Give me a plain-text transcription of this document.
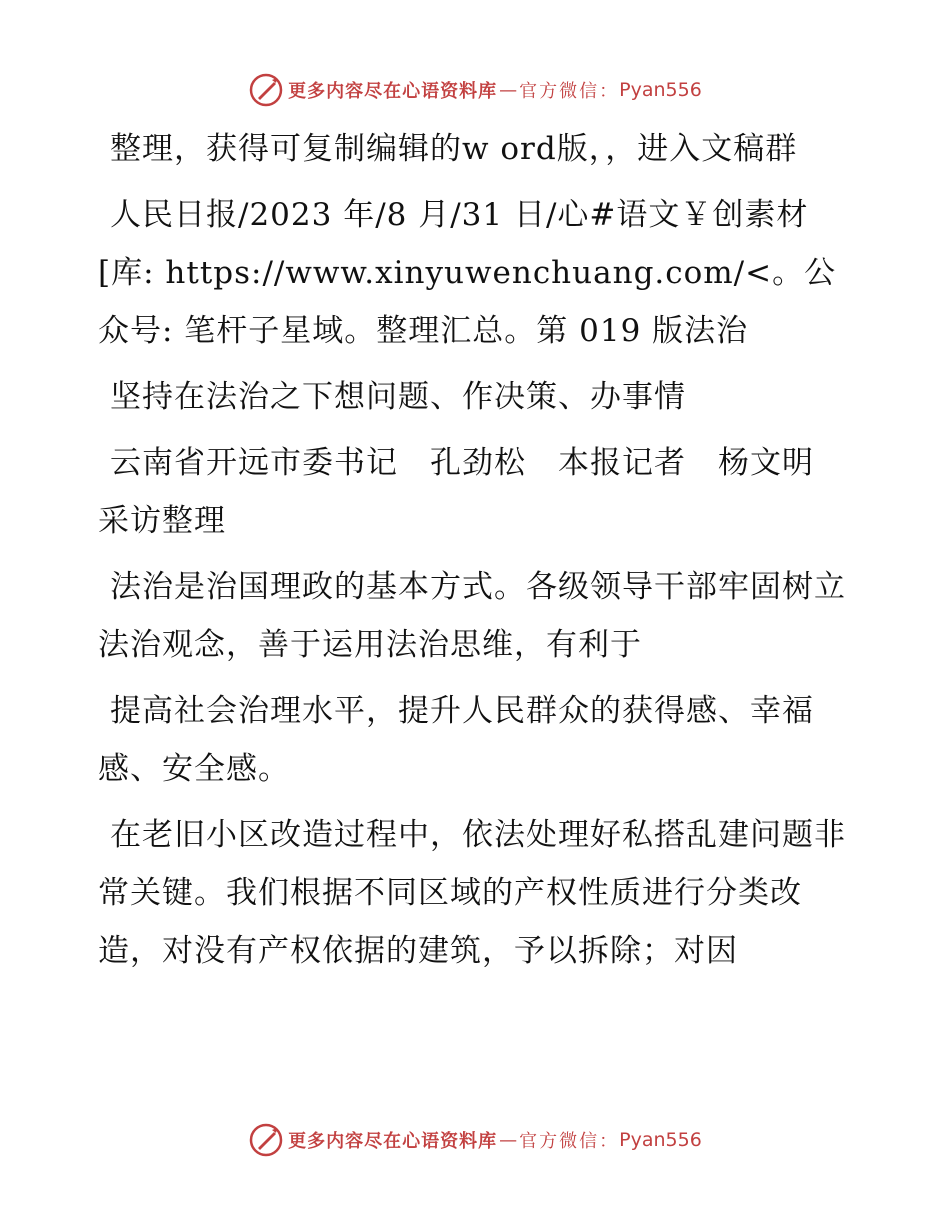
更多内容尽在心语资料库 — 官方微信： Pyan556

整理，获得可复制编辑的w ord版，，进入文稿群

人民日报/2023 年/8 月/31 日/心#语文￥创素材[库: https://www.xinyuwenchuang.com/<。公众号: 笔杆子星域。整理汇总。第 019 版法治

坚持在法治之下想问题、作决策、办事情

云南省开远市委书记　孔劲松　本报记者　杨文明　采访整理

法治是治国理政的基本方式。各级领导干部牢固树立法治观念，善于运用法治思维，有利于

提高社会治理水平，提升人民群众的获得感、幸福感、安全感。

在老旧小区改造过程中，依法处理好私搭乱建问题非常关键。我们根据不同区域的产权性质进行分类改造，对没有产权依据的建筑，予以拆除；对因

更多内容尽在心语资料库 — 官方微信： Pyan556
